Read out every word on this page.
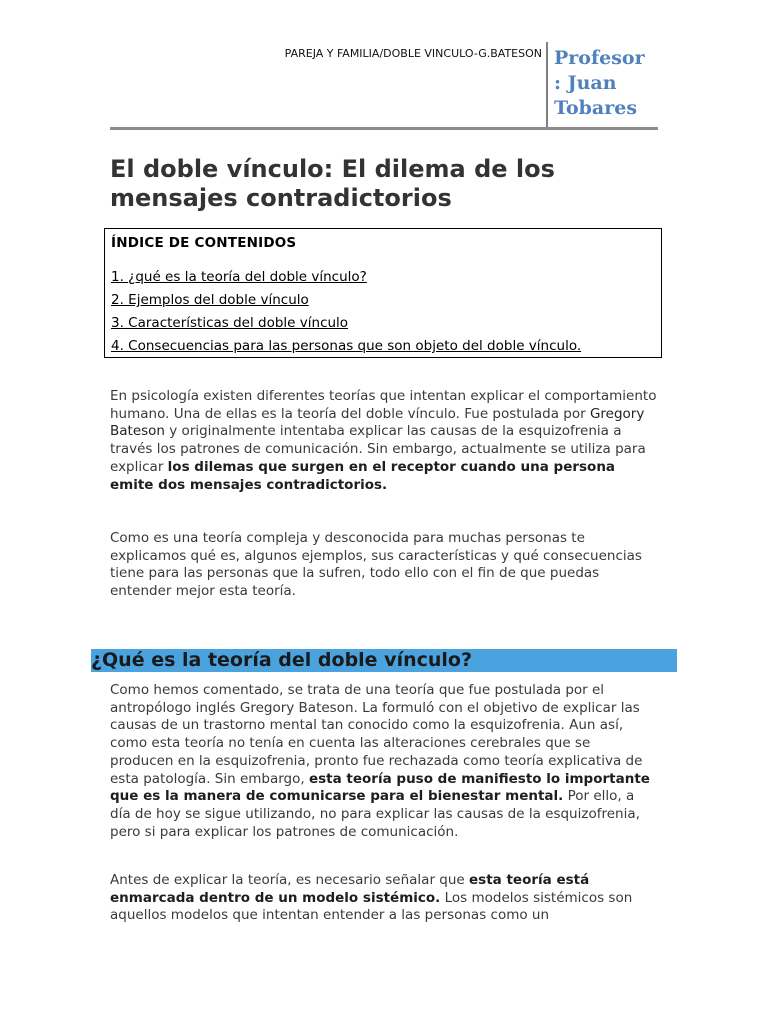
PAREJA Y FAMILIA/DOBLE VINCULO-G.BATESON Profesor
: Juan
Tobares
El doble vínculo: El dilema de los
mensajes contradictorios
ÍNDICE DE CONTENIDOS
1. ¿qué es la teoría del doble vínculo?
2. Ejemplos del doble vínculo
3. Características del doble vínculo
4. Consecuencias para las personas que son objeto del doble vínculo.

En psicología existen diferentes teorías que intentan explicar el comportamiento humano. Una de ellas es la teoría del doble vínculo. Fue postulada por Gregory Bateson y originalmente intentaba explicar las causas de la esquizofrenia a través los patrones de comunicación. Sin embargo, actualmente se utiliza para explicar los dilemas que surgen en el receptor cuando una persona emite dos mensajes contradictorios.

Como es una teoría compleja y desconocida para muchas personas te explicamos qué es, algunos ejemplos, sus características y qué consecuencias tiene para las personas que la sufren, todo ello con el fin de que puedas entender mejor esta teoría.

¿Qué es la teoría del doble vínculo?

Como hemos comentado, se trata de una teoría que fue postulada por el antropólogo inglés Gregory Bateson. La formuló con el objetivo de explicar las causas de un trastorno mental tan conocido como la esquizofrenia. Aun así, como esta teoría no tenía en cuenta las alteraciones cerebrales que se producen en la esquizofrenia, pronto fue rechazada como teoría explicativa de esta patología. Sin embargo, esta teoría puso de manifiesto lo importante que es la manera de comunicarse para el bienestar mental. Por ello, a día de hoy se sigue utilizando, no para explicar las causas de la esquizofrenia, pero si para explicar los patrones de comunicación.

Antes de explicar la teoría, es necesario señalar que esta teoría está enmarcada dentro de un modelo sistémico. Los modelos sistémicos son aquellos modelos que intentan entender a las personas como un
